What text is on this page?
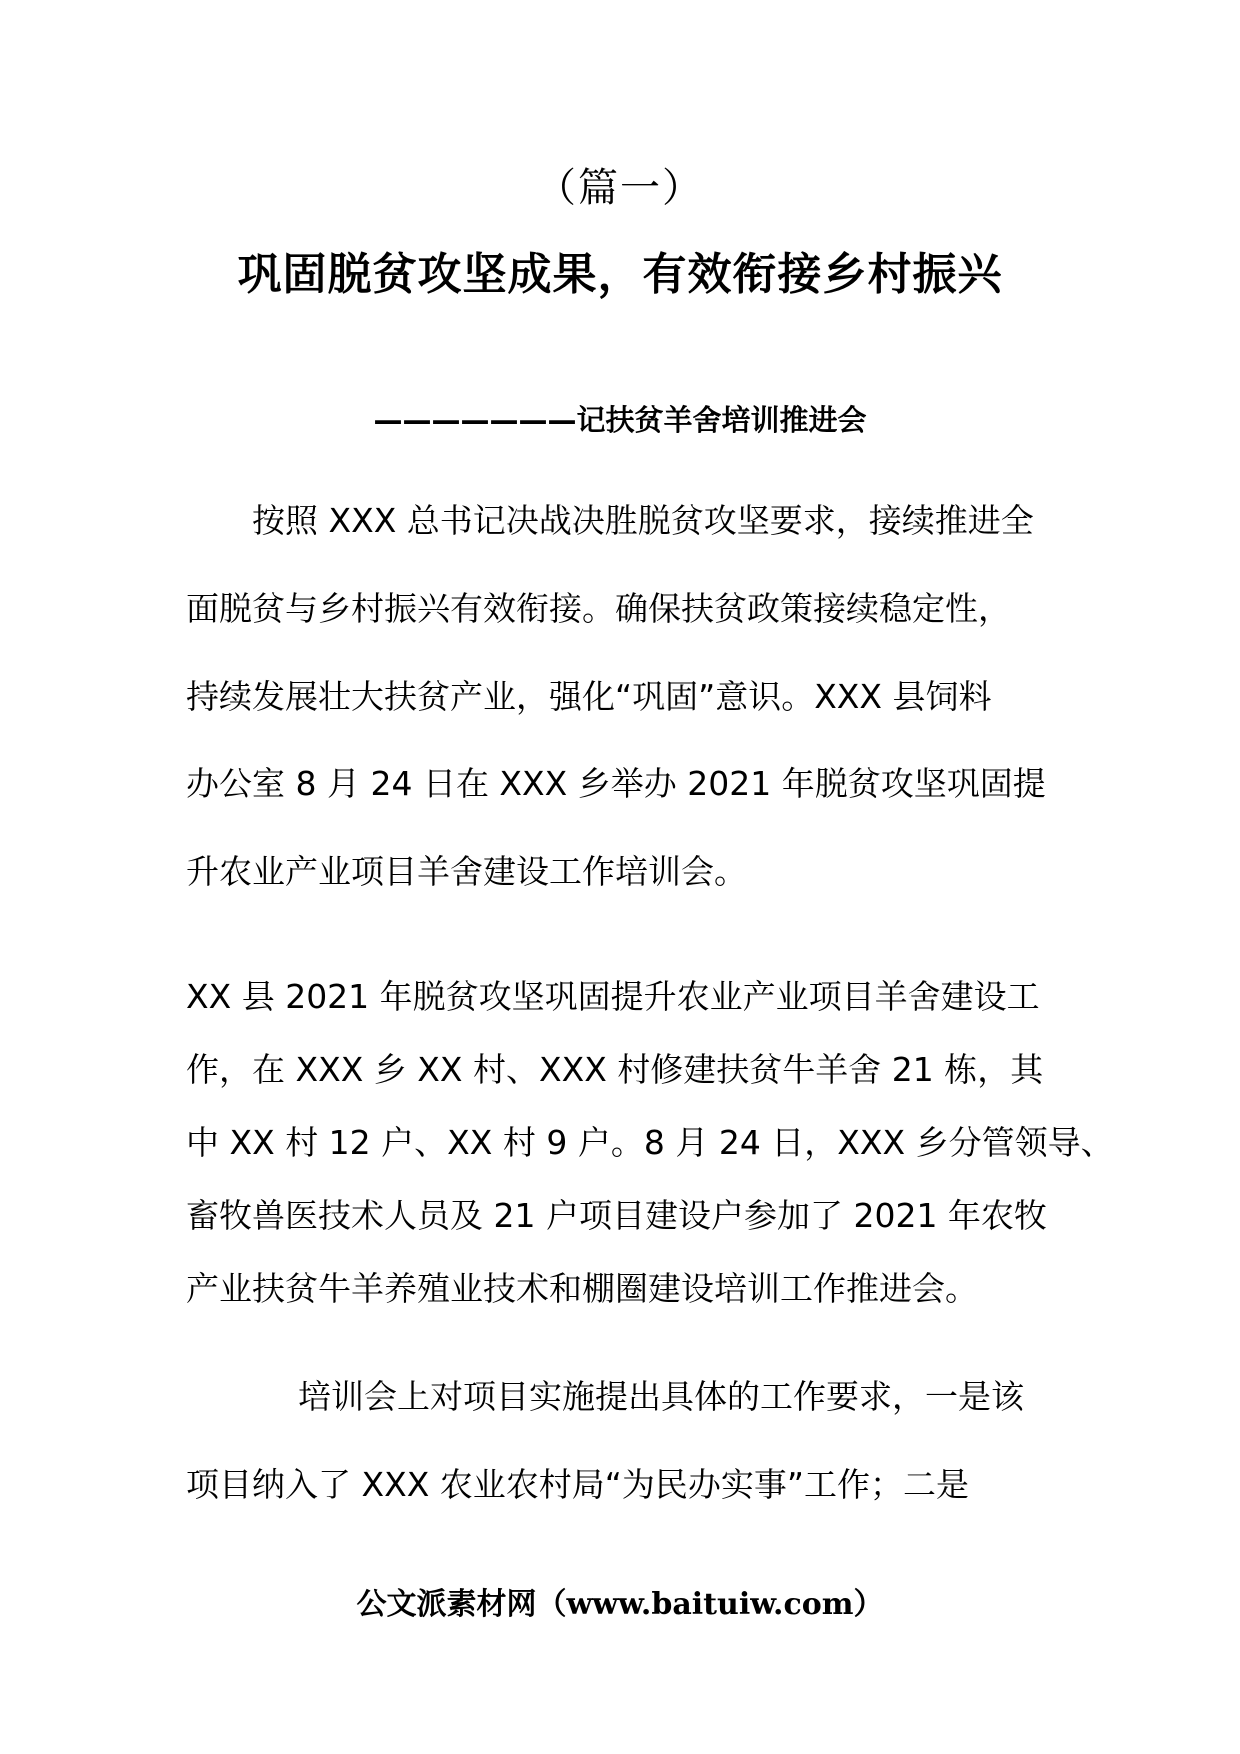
（篇一）
巩固脱贫攻坚成果，有效衔接乡村振兴
———————记扶贫羊舍培训推进会
按照 XXX 总书记决战决胜脱贫攻坚要求，接续推进全
面脱贫与乡村振兴有效衔接。确保扶贫政策接续稳定性，
持续发展壮大扶贫产业，强化“巩固”意识。XXX 县饲料
办公室 8 月 24 日在 XXX 乡举办 2021 年脱贫攻坚巩固提
升农业产业项目羊舍建设工作培训会。
XX 县 2021 年脱贫攻坚巩固提升农业产业项目羊舍建设工
作，在 XXX 乡 XX 村、XXX 村修建扶贫牛羊舍 21 栋，其
中 XX 村 12 户、XX 村 9 户。8 月 24 日，XXX 乡分管领导、
畜牧兽医技术人员及 21 户项目建设户参加了 2021 年农牧
产业扶贫牛羊养殖业技术和棚圈建设培训工作推进会。
培训会上对项目实施提出具体的工作要求，一是该
项目纳入了 XXX 农业农村局“为民办实事”工作；二是
公文派素材网（www.baituiw.com）
